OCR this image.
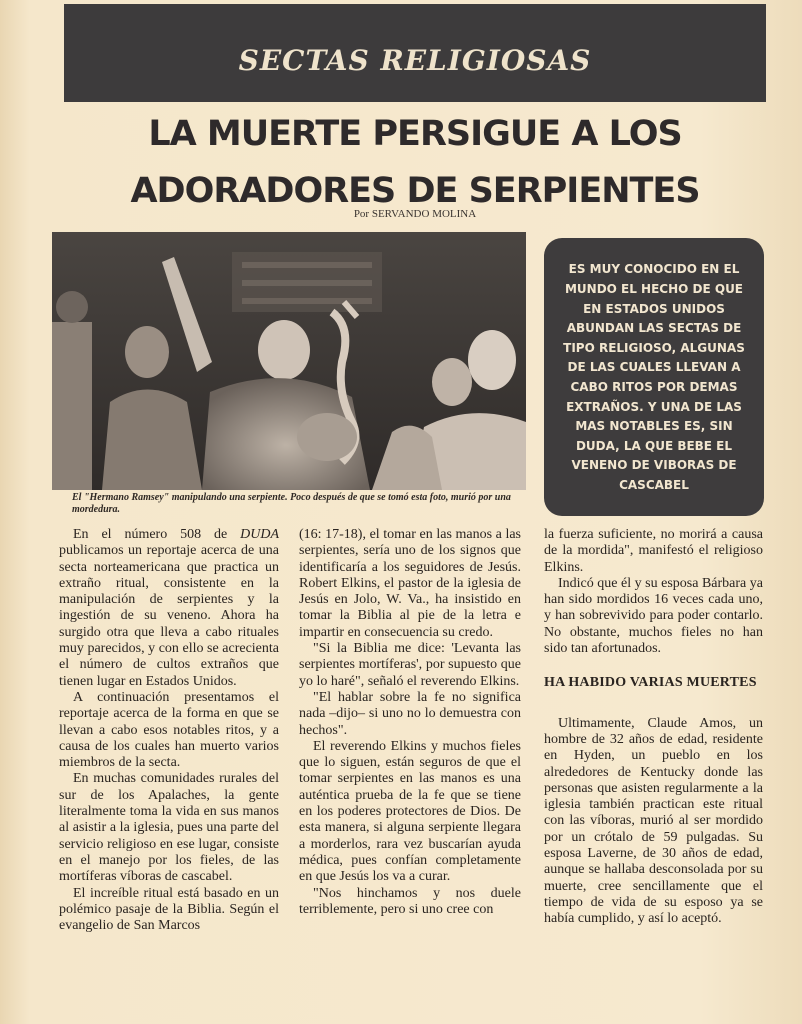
SECTAS RELIGIOSAS
LA MUERTE PERSIGUE A LOS
ADORADORES DE SERPIENTES
Por SERVANDO MOLINA
El "Hermano Ramsey" manipulando una serpiente. Poco después de que se tomó esta foto, murió por una mordedura.
ES MUY CONOCIDO EN EL MUNDO EL HECHO DE QUE EN ESTADOS UNIDOS ABUNDAN LAS SECTAS DE TIPO RELIGIOSO, ALGUNAS DE LAS CUALES LLEVAN A CABO RITOS POR DEMAS EXTRAÑOS. Y UNA DE LAS MAS NOTABLES ES, SIN DUDA, LA QUE BEBE EL VENENO DE VIBORAS DE CASCABEL

En el número 508 de DUDA publicamos un reportaje acerca de una secta norteamericana que practica un extraño ritual, consistente en la manipulación de serpientes y la ingestión de su veneno. Ahora ha surgido otra que lleva a cabo rituales muy parecidos, y con ello se acrecienta el número de cultos extraños que tienen lugar en Estados Unidos.

A continuación presentamos el reportaje acerca de la forma en que se llevan a cabo esos notables ritos, y a causa de los cuales han muerto varios miembros de la secta.

En muchas comunidades rurales del sur de los Apalaches, la gente literalmente toma la vida en sus manos al asistir a la iglesia, pues una parte del servicio religioso en ese lugar, consiste en el manejo por los fieles, de las mortíferas víboras de cascabel.

El increíble ritual está basado en un polémico pasaje de la Biblia. Según el evangelio de San Marcos

(16: 17-18), el tomar en las manos a las serpientes, sería uno de los signos que identificaría a los seguidores de Jesús. Robert Elkins, el pastor de la iglesia de Jesús en Jolo, W. Va., ha insistido en tomar la Biblia al pie de la letra e impartir en consecuencia su credo.

"Si la Biblia me dice: 'Levanta las serpientes mortíferas', por supuesto que yo lo haré", señaló el reverendo Elkins.

"El hablar sobre la fe no significa nada –dijo– si uno no lo demuestra con hechos".

El reverendo Elkins y muchos fieles que lo siguen, están seguros de que el tomar serpientes en las manos es una auténtica prueba de la fe que se tiene en los poderes protectores de Dios. De esta manera, si alguna serpiente llegara a morderlos, rara vez buscarían ayuda médica, pues confían completamente en que Jesús los va a curar.

"Nos hinchamos y nos duele terriblemente, pero si uno cree con

la fuerza suficiente, no morirá a causa de la mordida", manifestó el religioso Elkins.

Indicó que él y su esposa Bárbara ya han sido mordidos 16 veces cada uno, y han sobrevivido para poder contarlo. No obstante, muchos fieles no han sido tan afortunados.

HA HABIDO VARIAS MUERTES

Ultimamente, Claude Amos, un hombre de 32 años de edad, residente en Hyden, un pueblo en los alrededores de Kentucky donde las personas que asisten regularmente a la iglesia también practican este ritual con las víboras, murió al ser mordido por un crótalo de 59 pulgadas. Su esposa Laverne, de 30 años de edad, aunque se hallaba desconsolada por su muerte, cree sencillamente que el tiempo de vida de su esposo ya se había cumplido, y así lo aceptó.
